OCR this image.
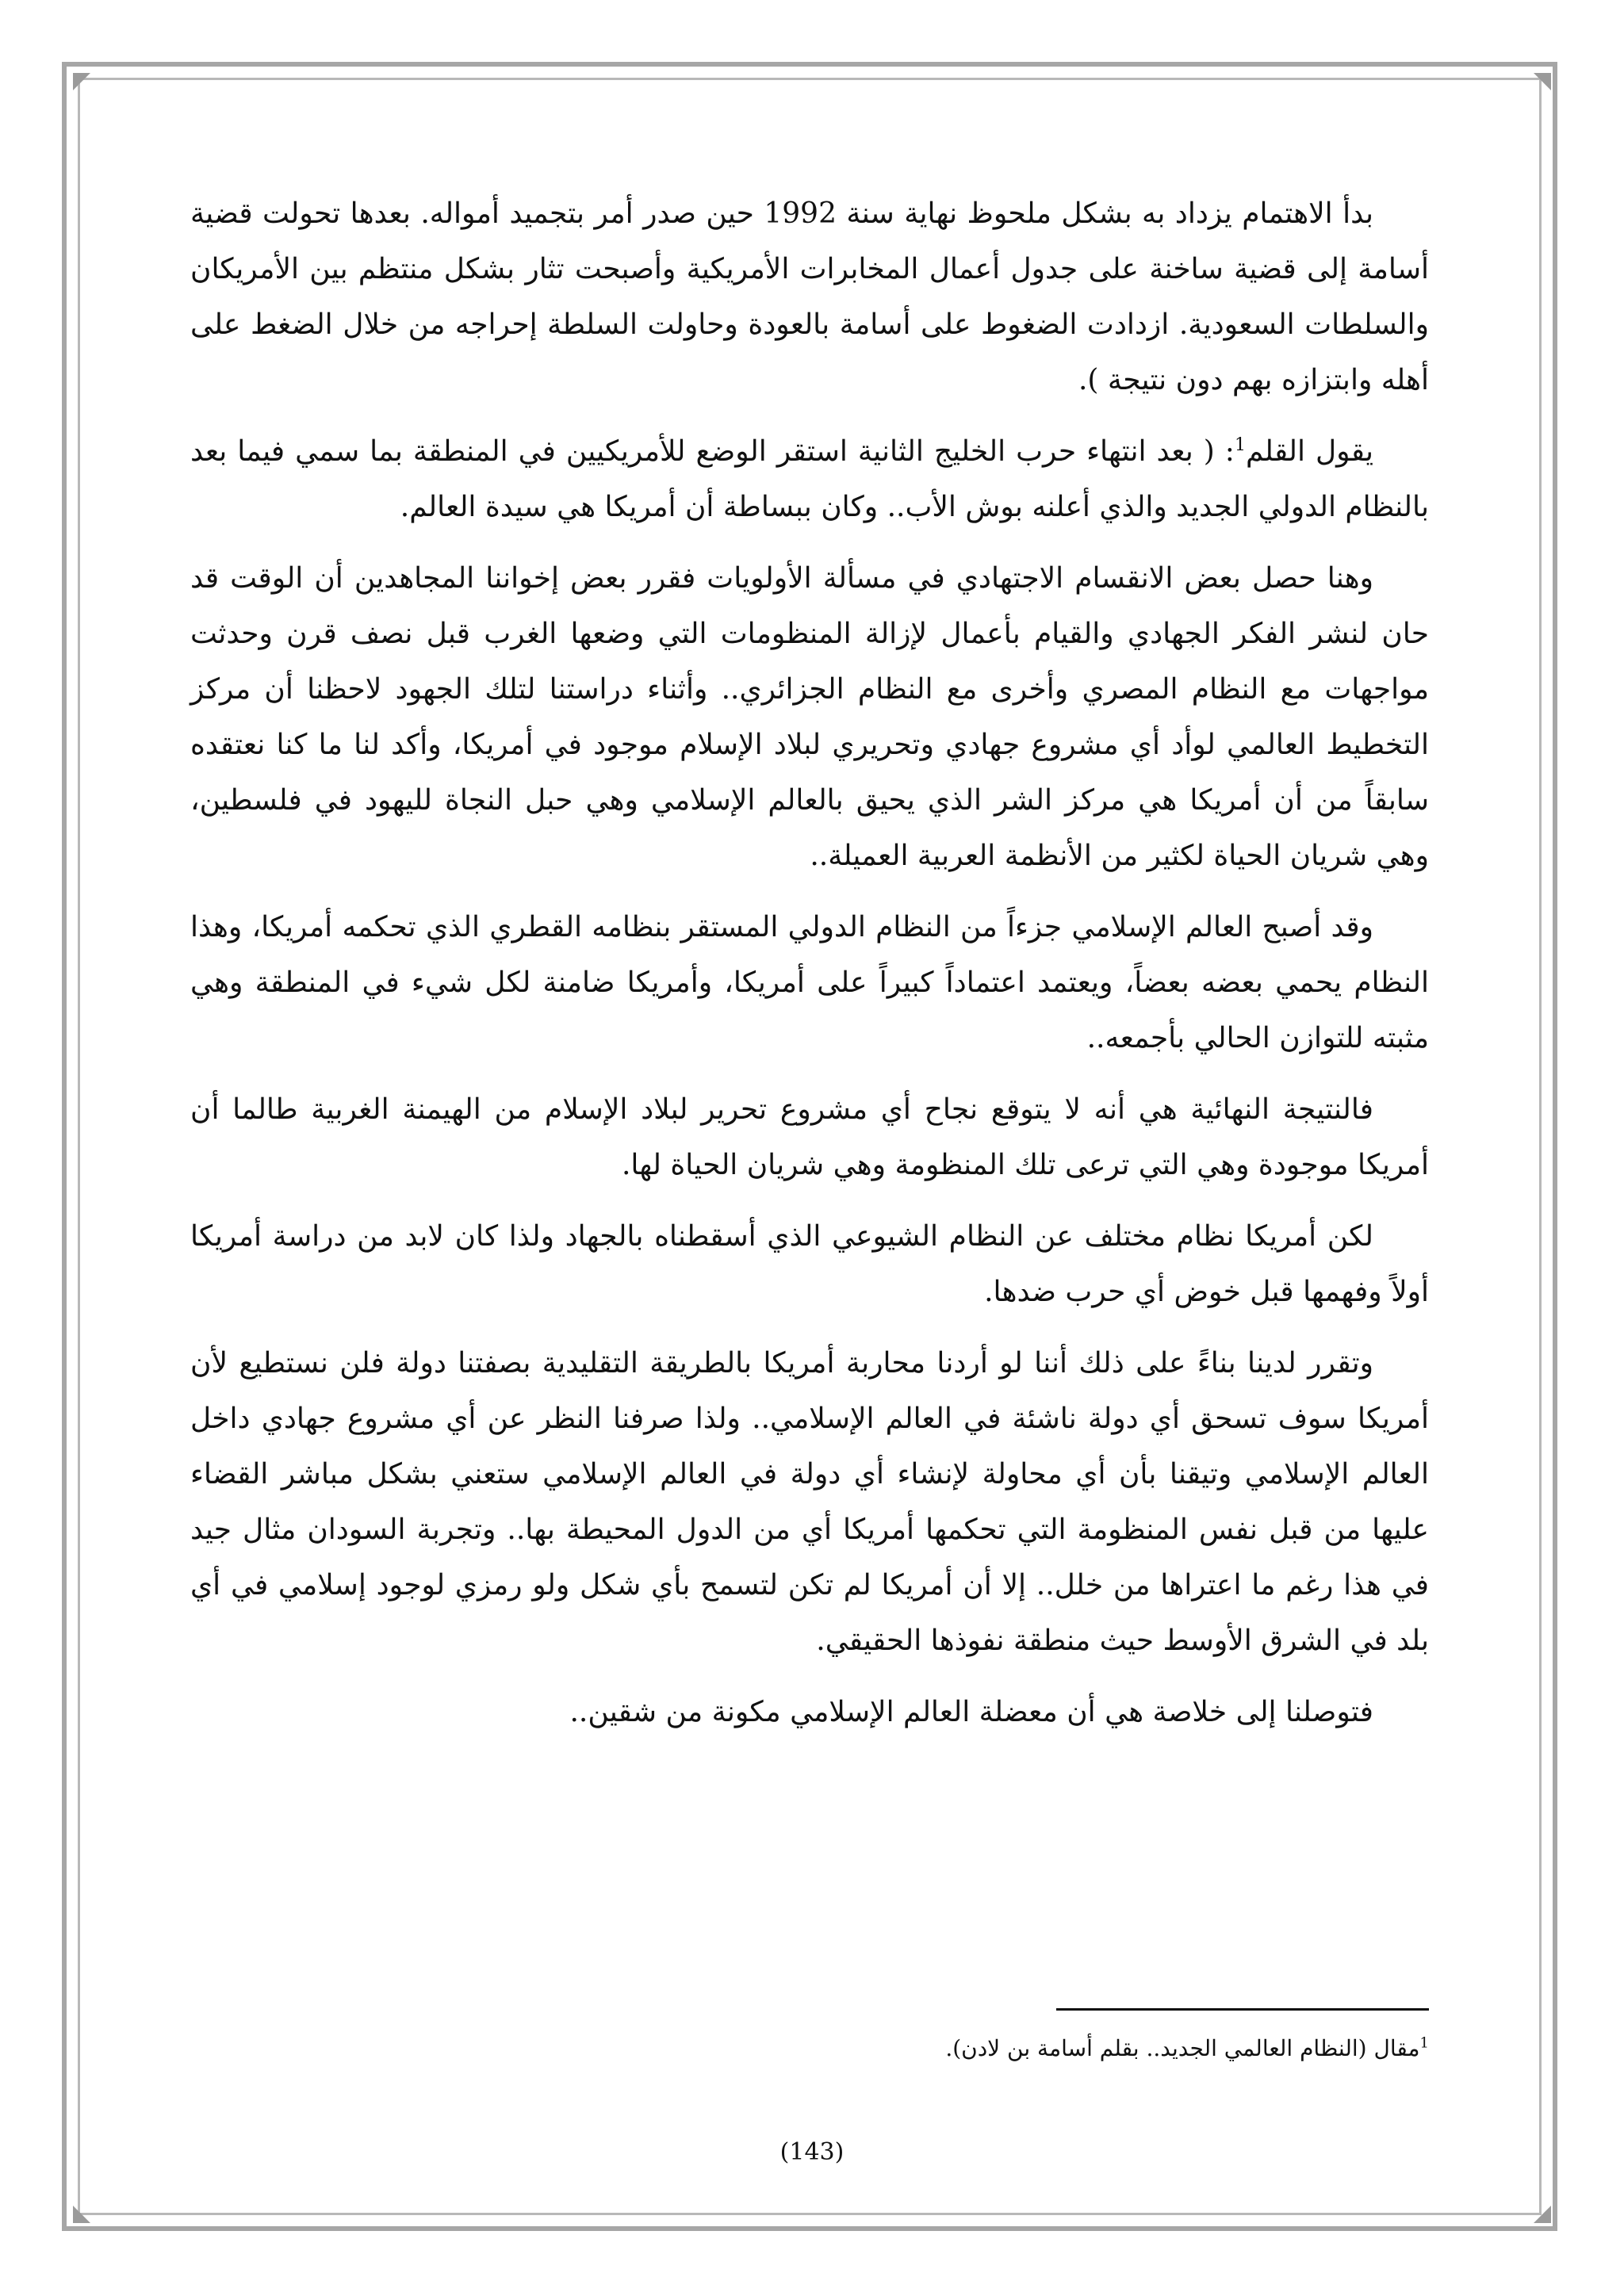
بدأ الاهتمام يزداد به بشكل ملحوظ نهاية سنة 1992 حين صدر أمر بتجميد أمواله. بعدها تحولت قضية أسامة إلى قضية ساخنة على جدول أعمال المخابرات الأمريكية وأصبحت تثار بشكل منتظم بين الأمريكان والسلطات السعودية. ازدادت الضغوط على أسامة بالعودة وحاولت السلطة إحراجه من خلال الضغط على أهله وابتزازه بهم دون نتيجة ).

يقول القلم$^1$: ( بعد انتهاء حرب الخليج الثانية استقر الوضع للأمريكيين في المنطقة بما سمي فيما بعد بالنظام الدولي الجديد والذي أعلنه بوش الأب.. وكان ببساطة أن أمريكا هي سيدة العالم.

وهنا حصل بعض الانقسام الاجتهادي في مسألة الأولويات فقرر بعض إخواننا المجاهدين أن الوقت قد حان لنشر الفكر الجهادي والقيام بأعمال لإزالة المنظومات التي وضعها الغرب قبل نصف قرن وحدثت مواجهات مع النظام المصري وأخرى مع النظام الجزائري.. وأثناء دراستنا لتلك الجهود لاحظنا أن مركز التخطيط العالمي لوأد أي مشروع جهادي وتحريري لبلاد الإسلام موجود في أمريكا، وأكد لنا ما كنا نعتقده سابقاً من أن أمريكا هي مركز الشر الذي يحيق بالعالم الإسلامي وهي حبل النجاة لليهود في فلسطين، وهي شريان الحياة لكثير من الأنظمة العربية العميلة..

وقد أصبح العالم الإسلامي جزءاً من النظام الدولي المستقر بنظامه القطري الذي تحكمه أمريكا، وهذا النظام يحمي بعضه بعضاً، ويعتمد اعتماداً كبيراً على أمريكا، وأمريكا ضامنة لكل شيء في المنطقة وهي مثبته للتوازن الحالي بأجمعه..

فالنتيجة النهائية هي أنه لا يتوقع نجاح أي مشروع تحرير لبلاد الإسلام من الهيمنة الغربية طالما أن أمريكا موجودة وهي التي ترعى تلك المنظومة وهي شريان الحياة لها.

لكن أمريكا نظام مختلف عن النظام الشيوعي الذي أسقطناه بالجهاد ولذا كان لابد من دراسة أمريكا أولاً وفهمها قبل خوض أي حرب ضدها.

وتقرر لدينا بناءً على ذلك أننا لو أردنا محاربة أمريكا بالطريقة التقليدية بصفتنا دولة فلن نستطيع لأن أمريكا سوف تسحق أي دولة ناشئة في العالم الإسلامي.. ولذا صرفنا النظر عن أي مشروع جهادي داخل العالم الإسلامي وتيقنا بأن أي محاولة لإنشاء أي دولة في العالم الإسلامي ستعني بشكل مباشر القضاء عليها من قبل نفس المنظومة التي تحكمها أمريكا أي من الدول المحيطة بها.. وتجربة السودان مثال جيد في هذا رغم ما اعتراها من خلل.. إلا أن أمريكا لم تكن لتسمح بأي شكل ولو رمزي لوجود إسلامي في أي بلد في الشرق الأوسط حيث منطقة نفوذها الحقيقي.

فتوصلنا إلى خلاصة هي أن معضلة العالم الإسلامي مكونة من شقين..

$^1$مقال (النظام العالمي الجديد.. بقلم أسامة بن لادن).
(143)
